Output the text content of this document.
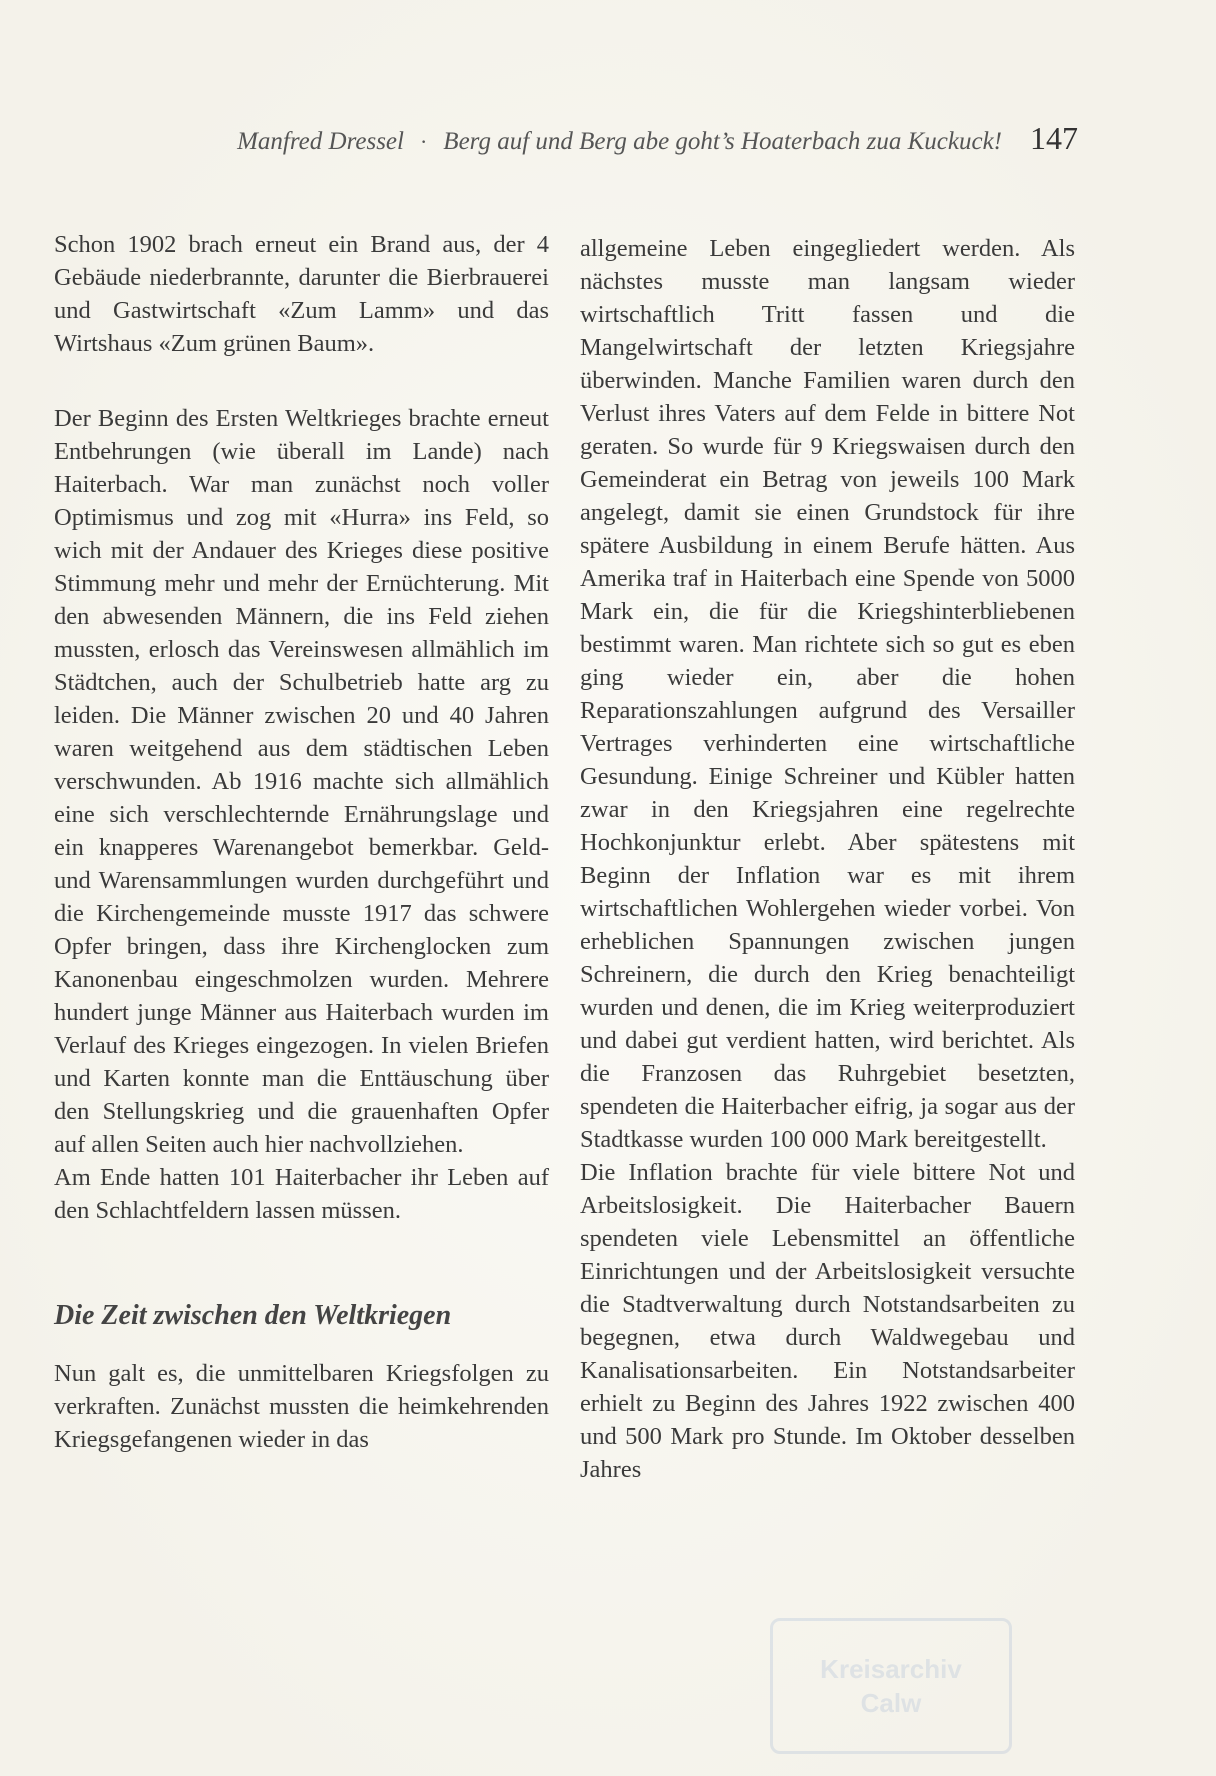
Manfred Dressel · Berg auf und Berg abe goht’s Hoaterbach zua Kuckuck! 147

Schon 1902 brach erneut ein Brand aus, der 4 Gebäude niederbrannte, darunter die Bierbrauerei und Gastwirtschaft «Zum Lamm» und das Wirtshaus «Zum grünen Baum».

Der Beginn des Ersten Weltkrieges brachte erneut Entbehrungen (wie überall im Lande) nach Haiterbach. War man zunächst noch voller Optimismus und zog mit «Hurra» ins Feld, so wich mit der Andauer des Krieges diese positive Stimmung mehr und mehr der Ernüchterung. Mit den abwesenden Männern, die ins Feld ziehen mussten, erlosch das Vereinswesen allmählich im Städtchen, auch der Schulbetrieb hatte arg zu leiden. Die Männer zwischen 20 und 40 Jahren waren weitgehend aus dem städtischen Leben verschwunden. Ab 1916 machte sich allmählich eine sich verschlechternde Ernährungslage und ein knapperes Warenangebot bemerkbar. Geld- und Warensammlungen wurden durchgeführt und die Kirchengemeinde musste 1917 das schwere Opfer bringen, dass ihre Kirchenglocken zum Kanonenbau eingeschmolzen wurden. Mehrere hundert junge Männer aus Haiterbach wurden im Verlauf des Krieges eingezogen. In vielen Briefen und Karten konnte man die Enttäuschung über den Stellungskrieg und die grauenhaften Opfer auf allen Seiten auch hier nachvollziehen.

Am Ende hatten 101 Haiterbacher ihr Leben auf den Schlachtfeldern lassen müssen.

Die Zeit zwischen den Weltkriegen

Nun galt es, die unmittelbaren Kriegsfolgen zu verkraften. Zunächst mussten die heimkehrenden Kriegsgefangenen wieder in das

allgemeine Leben eingegliedert werden. Als nächstes musste man langsam wieder wirtschaftlich Tritt fassen und die Mangelwirtschaft der letzten Kriegsjahre überwinden. Manche Familien waren durch den Verlust ihres Vaters auf dem Felde in bittere Not geraten. So wurde für 9 Kriegswaisen durch den Gemeinderat ein Betrag von jeweils 100 Mark angelegt, damit sie einen Grundstock für ihre spätere Ausbildung in einem Berufe hätten. Aus Amerika traf in Haiterbach eine Spende von 5000 Mark ein, die für die Kriegshinterbliebenen bestimmt waren. Man richtete sich so gut es eben ging wieder ein, aber die hohen Reparationszahlungen aufgrund des Versailler Vertrages verhinderten eine wirtschaftliche Gesundung. Einige Schreiner und Kübler hatten zwar in den Kriegsjahren eine regelrechte Hochkonjunktur erlebt. Aber spätestens mit Beginn der Inflation war es mit ihrem wirtschaftlichen Wohlergehen wieder vorbei. Von erheblichen Spannungen zwischen jungen Schreinern, die durch den Krieg benachteiligt wurden und denen, die im Krieg weiterproduziert und dabei gut verdient hatten, wird berichtet. Als die Franzosen das Ruhrgebiet besetzten, spendeten die Haiterbacher eifrig, ja sogar aus der Stadtkasse wurden 100 000 Mark bereitgestellt.

Die Inflation brachte für viele bittere Not und Arbeitslosigkeit. Die Haiterbacher Bauern spendeten viele Lebensmittel an öffentliche Einrichtungen und der Arbeitslosigkeit versuchte die Stadtverwaltung durch Notstandsarbeiten zu begegnen, etwa durch Waldwegebau und Kanalisationsarbeiten. Ein Notstandsarbeiter erhielt zu Beginn des Jahres 1922 zwischen 400 und 500 Mark pro Stunde. Im Oktober desselben Jahres

Kreisarchiv
Calw
